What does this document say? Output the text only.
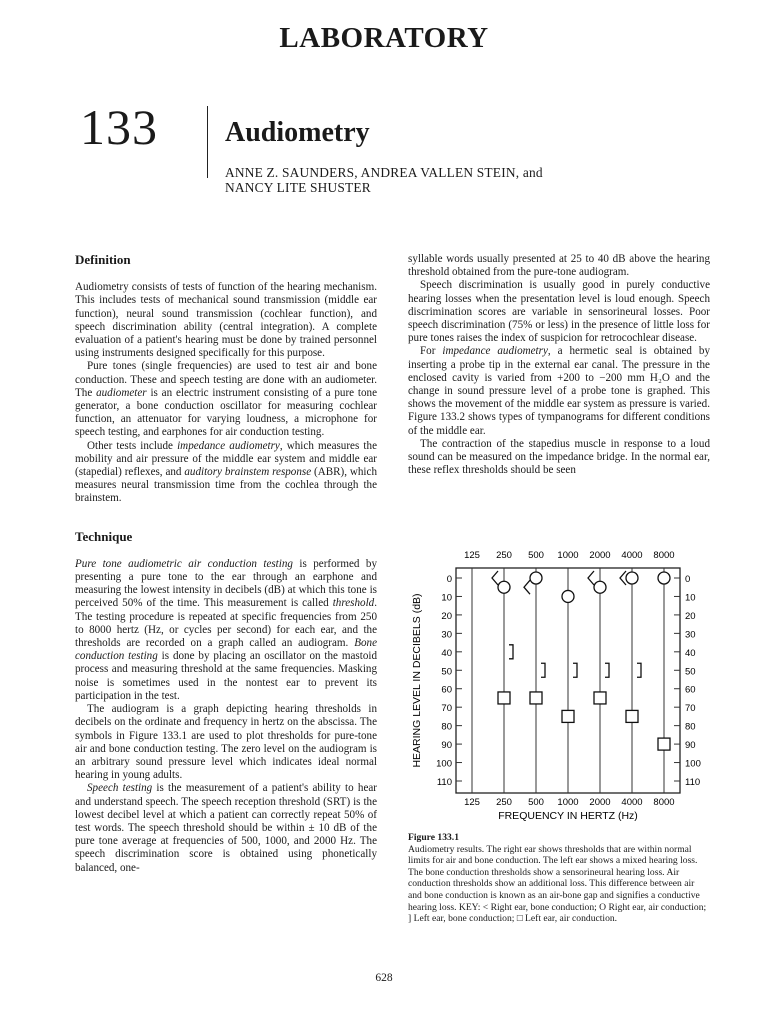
LABORATORY
133 Audiometry
ANNE Z. SAUNDERS, ANDREA VALLEN STEIN, and
NANCY LITE SHUSTER
Definition

Audiometry consists of tests of function of the hearing mechanism. This includes tests of mechanical sound transmission (middle ear function), neural sound transmission (cochlear function), and speech discrimination ability (central integration). A complete evaluation of a patient's hearing must be done by trained personnel using instruments designed specifically for this purpose.

Pure tones (single frequencies) are used to test air and bone conduction. These and speech testing are done with an audiometer. The audiometer is an electric instrument consisting of a pure tone generator, a bone conduction oscillator for measuring cochlear function, an attenuator for varying loudness, a microphone for speech testing, and earphones for air conduction testing.

Other tests include impedance audiometry, which measures the mobility and air pressure of the middle ear system and middle ear (stapedial) reflexes, and auditory brainstem response (ABR), which measures neural transmission time from the cochlea through the brainstem.

Technique

Pure tone audiometric air conduction testing is performed by presenting a pure tone to the ear through an earphone and measuring the lowest intensity in decibels (dB) at which this tone is perceived 50% of the time. This measurement is called threshold. The testing procedure is repeated at specific frequencies from 250 to 8000 hertz (Hz, or cycles per second) for each ear, and the thresholds are recorded on a graph called an audiogram. Bone conduction testing is done by placing an oscillator on the mastoid process and measuring threshold at the same frequencies. Masking noise is sometimes used in the nontest ear to prevent its participation in the test.

The audiogram is a graph depicting hearing thresholds in decibels on the ordinate and frequency in hertz on the abscissa. The symbols in Figure 133.1 are used to plot thresholds for pure-tone air and bone conduction testing. The zero level on the audiogram is an arbitrary sound pressure level which indicates ideal normal hearing in young adults.

Speech testing is the measurement of a patient's ability to hear and understand speech. The speech reception threshold (SRT) is the lowest decibel level at which a patient can correctly repeat 50% of test words. The speech threshold should be within ± 10 dB of the pure tone average at frequencies of 500, 1000, and 2000 Hz. The speech discrimination score is obtained using phonetically balanced, one-

syllable words usually presented at 25 to 40 dB above the hearing threshold obtained from the pure-tone audiogram.

Speech discrimination is usually good in purely conductive hearing losses when the presentation level is loud enough. Speech discrimination scores are variable in sensorineural losses. Poor speech discrimination (75% or less) in the presence of little loss for pure tones raises the index of suspicion for retrocochlear disease.

For impedance audiometry, a hermetic seal is obtained by inserting a probe tip in the external ear canal. The pressure in the enclosed cavity is varied from +200 to −200 mm H₂O and the change in sound pressure level of a probe tone is graphed. This shows the movement of the middle ear system as pressure is varied. Figure 133.2 shows types of tympanograms for different conditions of the middle ear.

The contraction of the stapedius muscle in response to a loud sound can be measured on the impedance bridge. In the normal ear, these reflex thresholds should be seen

0	0
10	10
20	20
30	30
40	40
50	50
60	60
70	70
80	80
90	90
100	100
110	110
125
125
250
250
500
500
1000
1000
2000
2000
4000
4000
8000
8000
FREQUENCY IN HERTZ (Hz)
HEARING LEVEL IN DECIBELS (dB)
Figure 133.1
Audiometry results. The right ear shows thresholds that are within normal limits for air and bone conduction. The left ear shows a mixed hearing loss. The bone conduction thresholds show a sensorineural hearing loss. Air conduction thresholds show an additional loss. This difference between air and bone conduction is known as an air-bone gap and signifies a conductive hearing loss. KEY: < Right ear, bone conduction; O Right ear, air conduction; ] Left ear, bone conduction; □ Left ear, air conduction.
628
